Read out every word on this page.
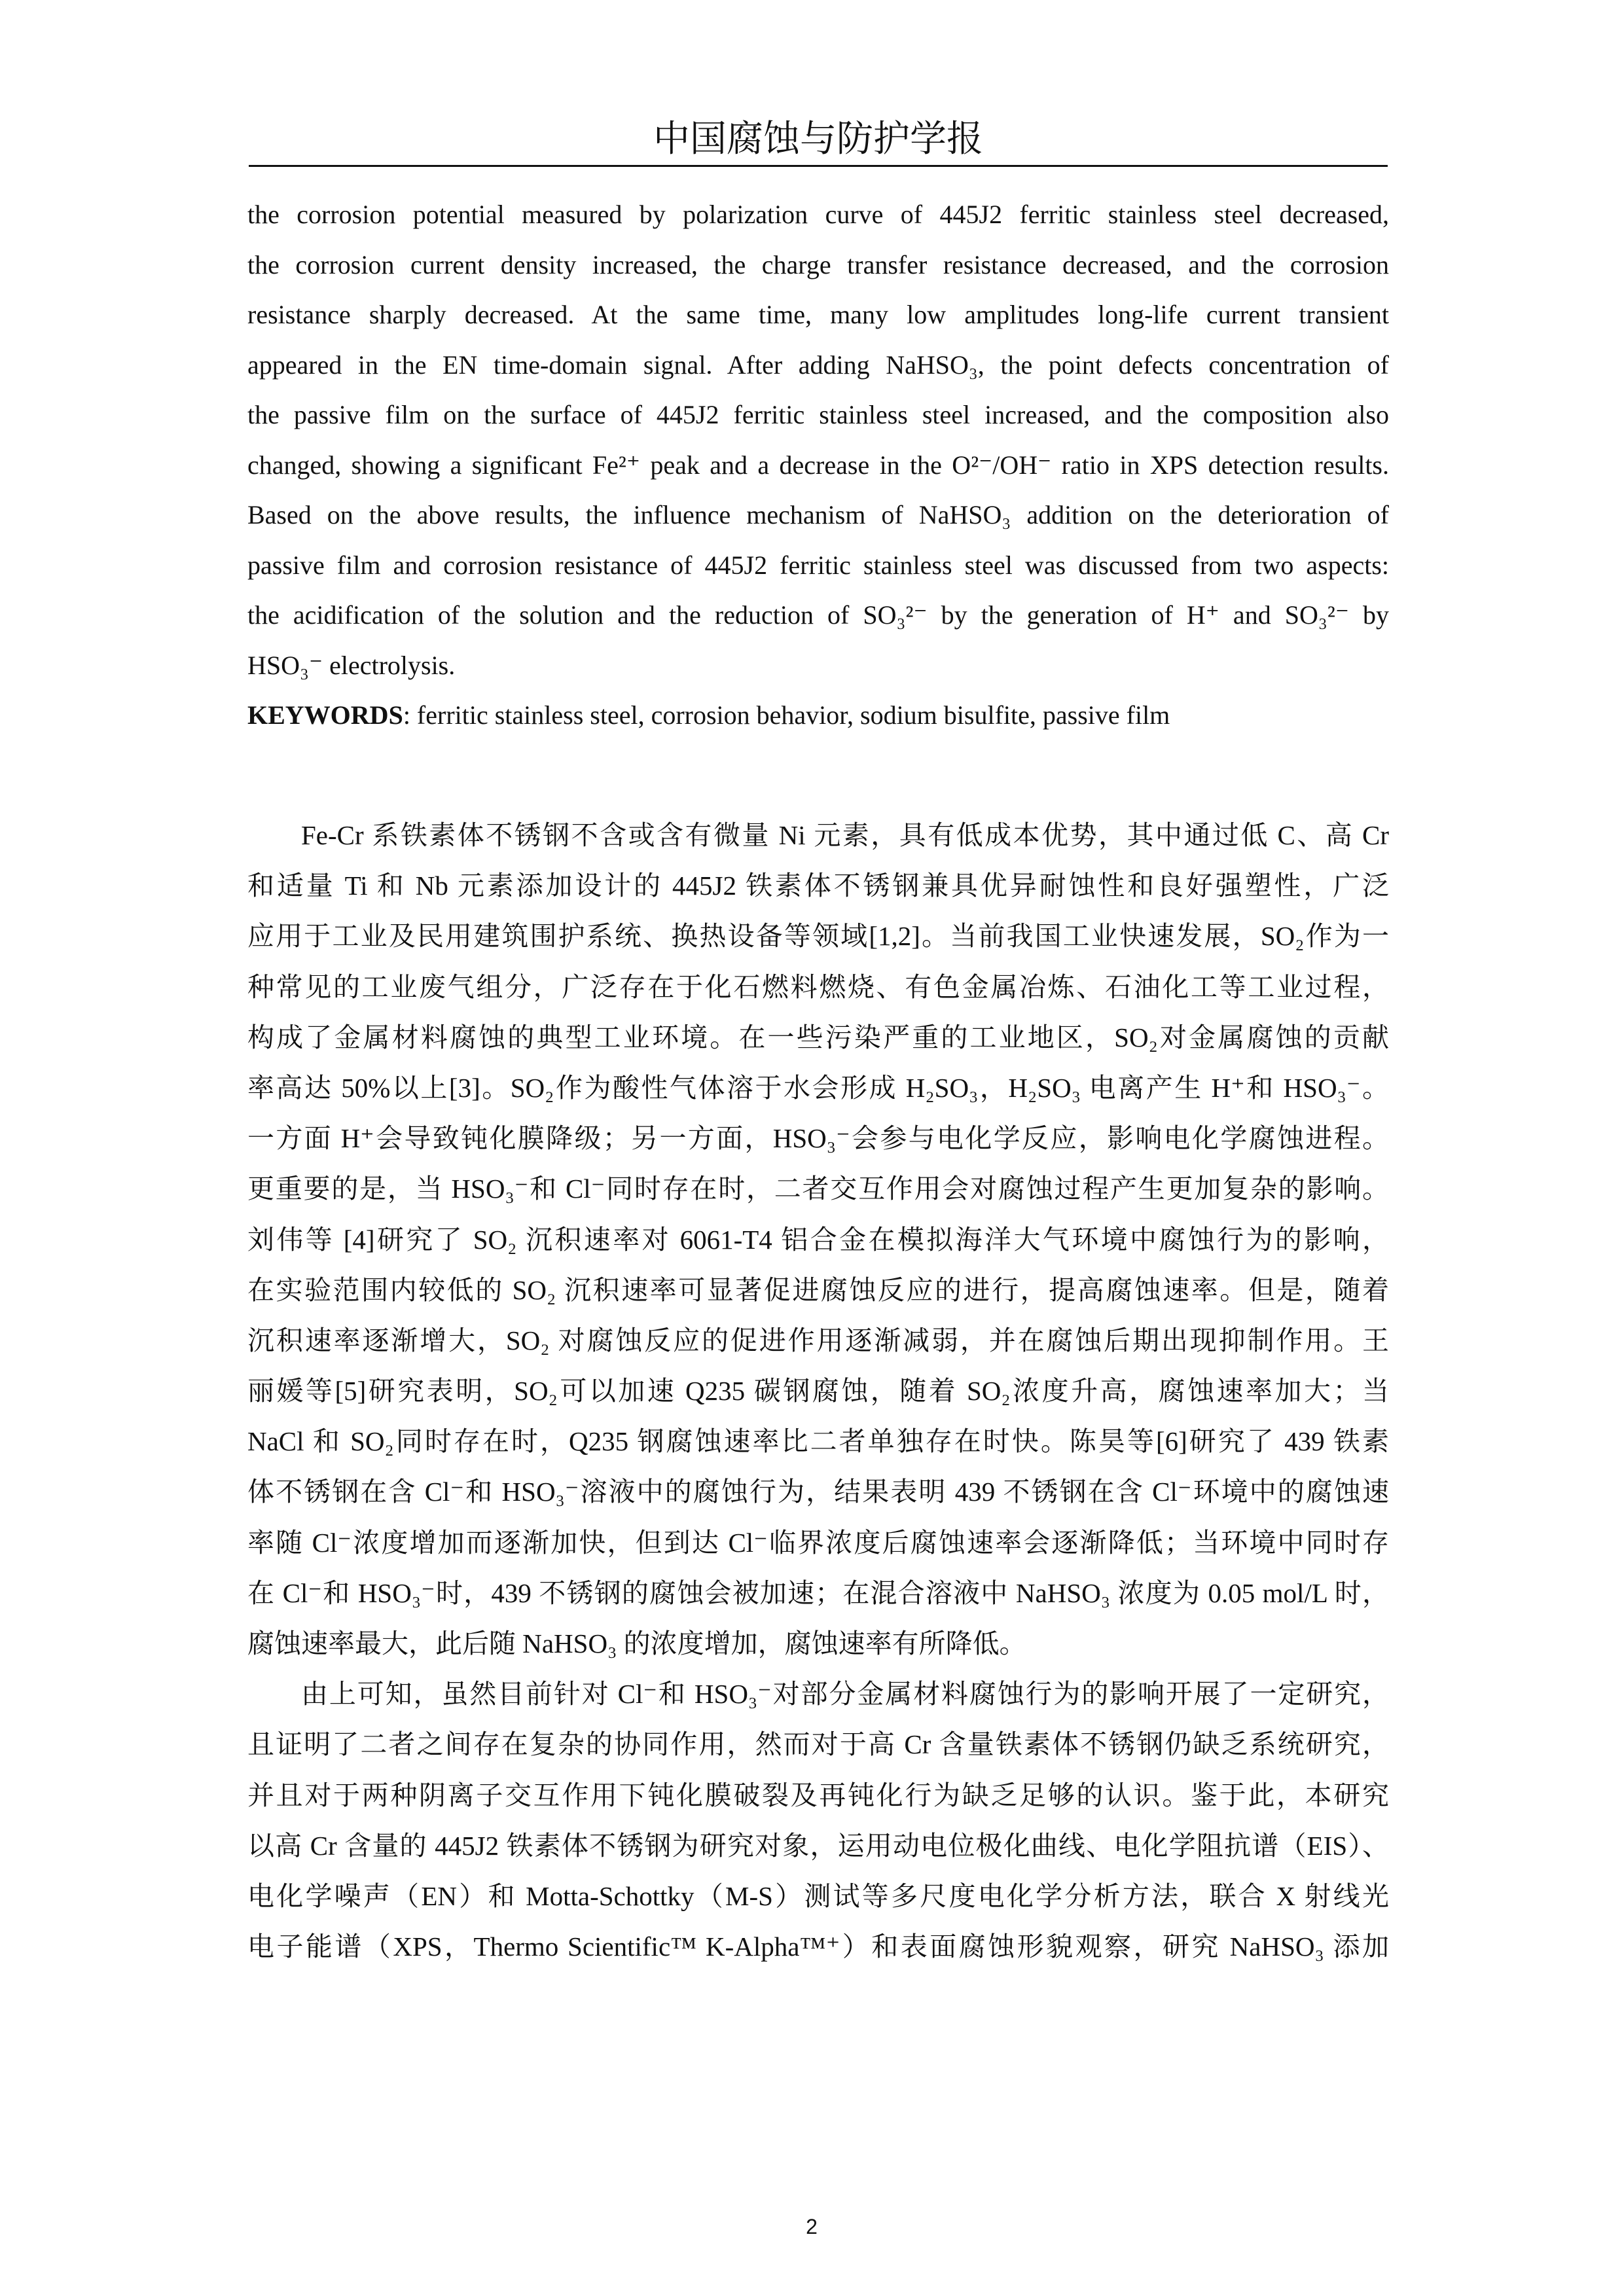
中国腐蚀与防护学报
the corrosion potential measured by polarization curve of 445J2 ferritic stainless steel decreased,
the corrosion current density increased, the charge transfer resistance decreased, and the corrosion
resistance sharply decreased. At the same time, many low amplitudes long-life current transient
appeared in the EN time-domain signal. After adding NaHSO₃, the point defects concentration of
the passive film on the surface of 445J2 ferritic stainless steel increased, and the composition also
changed, showing a significant Fe²⁺ peak and a decrease in the O²⁻/OH⁻ ratio in XPS detection results.
Based on the above results, the influence mechanism of NaHSO₃ addition on the deterioration of
passive film and corrosion resistance of 445J2 ferritic stainless steel was discussed from two aspects:
the acidification of the solution and the reduction of SO₃²⁻ by the generation of H⁺ and SO₃²⁻ by
HSO₃⁻ electrolysis.
KEYWORDS: ferritic stainless steel, corrosion behavior, sodium bisulfite, passive film
Fe-Cr 系铁素体不锈钢不含或含有微量 Ni 元素，具有低成本优势，其中通过低 C、高 Cr
和适量 Ti 和 Nb 元素添加设计的 445J2 铁素体不锈钢兼具优异耐蚀性和良好强塑性，广泛
应用于工业及民用建筑围护系统、换热设备等领域[1,2]。当前我国工业快速发展，SO₂作为一
种常见的工业废气组分，广泛存在于化石燃料燃烧、有色金属冶炼、石油化工等工业过程，
构成了金属材料腐蚀的典型工业环境。在一些污染严重的工业地区，SO₂对金属腐蚀的贡献
率高达 50%以上[3]。SO₂作为酸性气体溶于水会形成 H₂SO₃，H₂SO₃ 电离产生 H⁺和 HSO₃⁻。
一方面 H⁺会导致钝化膜降级；另一方面，HSO₃⁻会参与电化学反应，影响电化学腐蚀进程。
更重要的是，当 HSO₃⁻和 Cl⁻同时存在时，二者交互作用会对腐蚀过程产生更加复杂的影响。
刘伟等 [4]研究了 SO₂ 沉积速率对 6061-T4 铝合金在模拟海洋大气环境中腐蚀行为的影响，
在实验范围内较低的 SO₂ 沉积速率可显著促进腐蚀反应的进行，提高腐蚀速率。但是，随着
沉积速率逐渐增大，SO₂ 对腐蚀反应的促进作用逐渐减弱，并在腐蚀后期出现抑制作用。王
丽媛等[5]研究表明，SO₂可以加速 Q235 碳钢腐蚀，随着 SO₂浓度升高，腐蚀速率加大；当
NaCl 和 SO₂同时存在时，Q235 钢腐蚀速率比二者单独存在时快。陈昊等[6]研究了 439 铁素
体不锈钢在含 Cl⁻和 HSO₃⁻溶液中的腐蚀行为，结果表明 439 不锈钢在含 Cl⁻环境中的腐蚀速
率随 Cl⁻浓度增加而逐渐加快，但到达 Cl⁻临界浓度后腐蚀速率会逐渐降低；当环境中同时存
在 Cl⁻和 HSO₃⁻时，439 不锈钢的腐蚀会被加速；在混合溶液中 NaHSO₃ 浓度为 0.05 mol/L 时，
腐蚀速率最大，此后随 NaHSO₃ 的浓度增加，腐蚀速率有所降低。
由上可知，虽然目前针对 Cl⁻和 HSO₃⁻对部分金属材料腐蚀行为的影响开展了一定研究，
且证明了二者之间存在复杂的协同作用，然而对于高 Cr 含量铁素体不锈钢仍缺乏系统研究，
并且对于两种阴离子交互作用下钝化膜破裂及再钝化行为缺乏足够的认识。鉴于此，本研究
以高 Cr 含量的 445J2 铁素体不锈钢为研究对象，运用动电位极化曲线、电化学阻抗谱（EIS）、
电化学噪声（EN）和 Motta-Schottky（M-S）测试等多尺度电化学分析方法，联合 X 射线光
电子能谱（XPS，Thermo Scientific™ K-Alpha™⁺）和表面腐蚀形貌观察，研究 NaHSO₃ 添加
2
